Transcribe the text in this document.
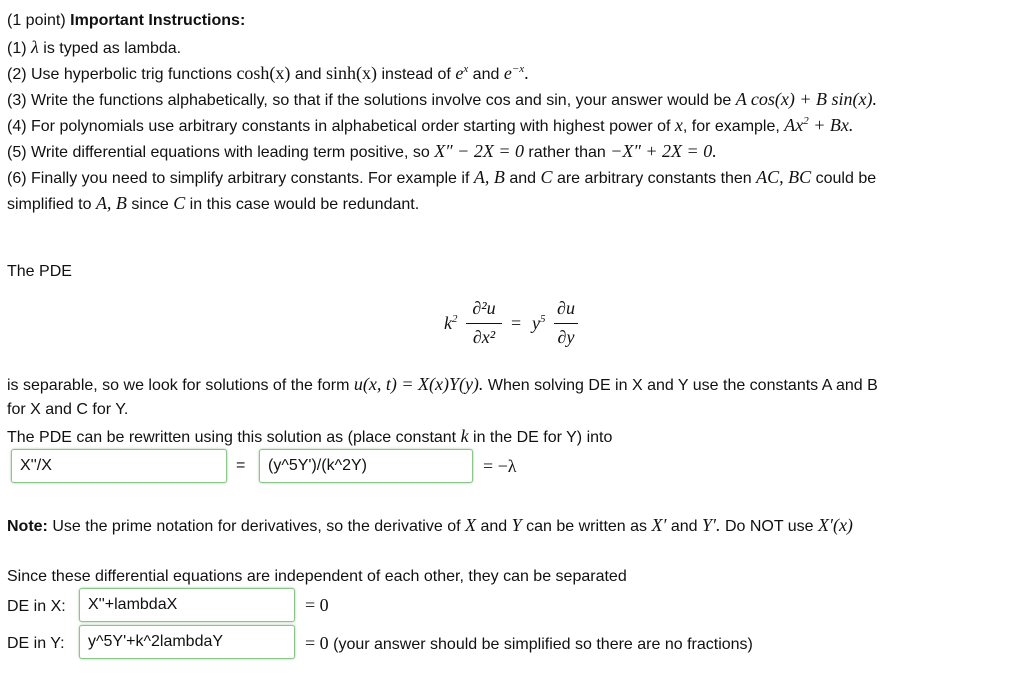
(1 point) Important Instructions:
(1) λ is typed as lambda.
(2) Use hyperbolic trig functions cosh(x) and sinh(x) instead of $e^x$ and $e^{-x}$.
(3) Write the functions alphabetically, so that if the solutions involve cos and sin, your answer would be A cos(x) + B sin(x).
(4) For polynomials use arbitrary constants in alphabetical order starting with highest power of x, for example, $Ax^2 + Bx$.
(5) Write differential equations with leading term positive, so X″ − 2X = 0 rather than −X″ + 2X = 0.
(6) Finally you need to simplify arbitrary constants. For example if A, B and C are arbitrary constants then AC, BC could be
simplified to A, B since C in this case would be redundant.
The PDE
$k^2$
∂²u
∂x²
= $y^5$
∂u
∂y
is separable, so we look for solutions of the form u(x, t) = X(x)Y(y). When solving DE in X and Y use the constants A and B
for X and C for Y.
The PDE can be rewritten using this solution as (place constant k in the DE for Y) into
X''/X	=	(y^5Y')/(k^2Y)	= −λ
Note: Use the prime notation for derivatives, so the derivative of X and Y can be written as X′ and Y′. Do NOT use X′(x)
Since these differential equations are independent of each other, they can be separated
DE in X:	X''+lambdaX	= 0
DE in Y:	y^5Y'+k^2lambdaY	= 0 (your answer should be simplified so there are no fractions)
